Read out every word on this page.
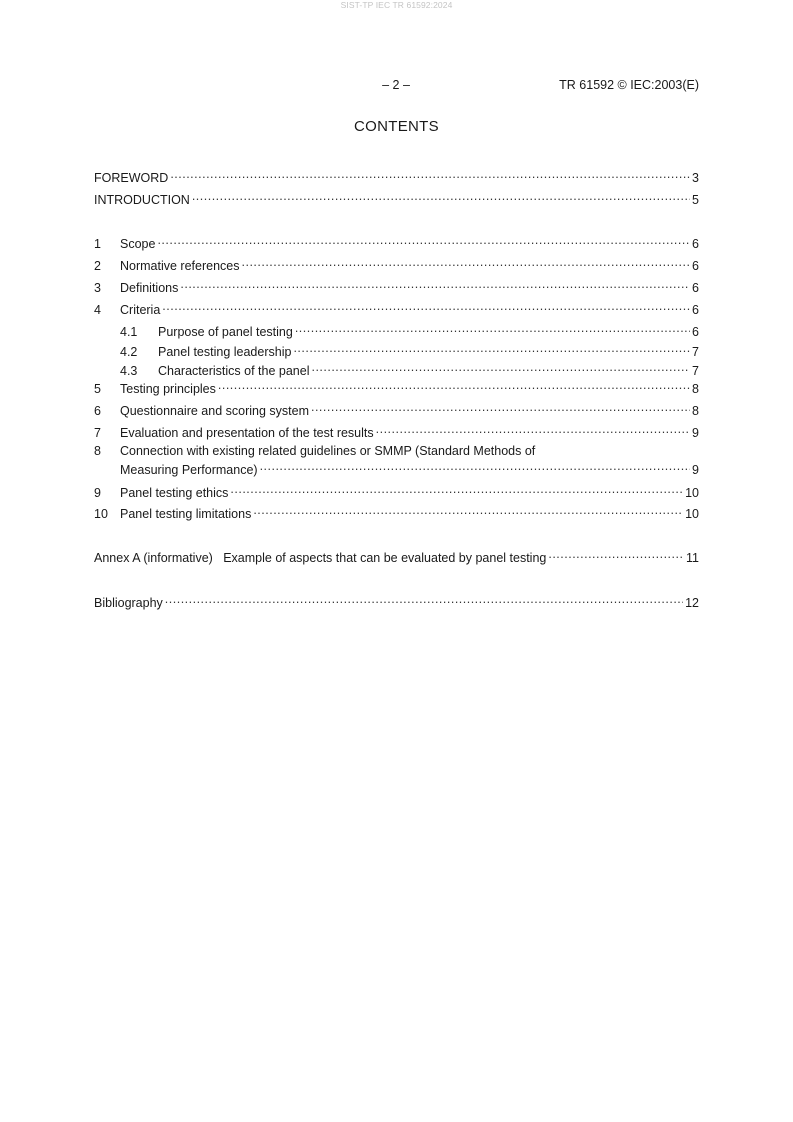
SIST-TP IEC TR 61592:2024
– 2 –	TR 61592 © IEC:2003(E)
CONTENTS
FOREWORD .....	3
INTRODUCTION .....	5
1	Scope .....	6
2	Normative references .....	6
3	Definitions .....	6
4	Criteria .....	6
4.1	Purpose of panel testing .....	6
4.2	Panel testing leadership .....	7
4.3	Characteristics of the panel .....	7
5	Testing principles .....	8
6	Questionnaire and scoring system .....	8
7	Evaluation and presentation of the test results .....	9
8	Connection with existing related guidelines or SMMP (Standard Methods of
Measuring Performance) .....	9
9	Panel testing ethics .....	10
10 Panel testing limitations .....	10
Annex A (informative)   Example of aspects that can be evaluated by panel testing .....	11
Bibliography .....	12
